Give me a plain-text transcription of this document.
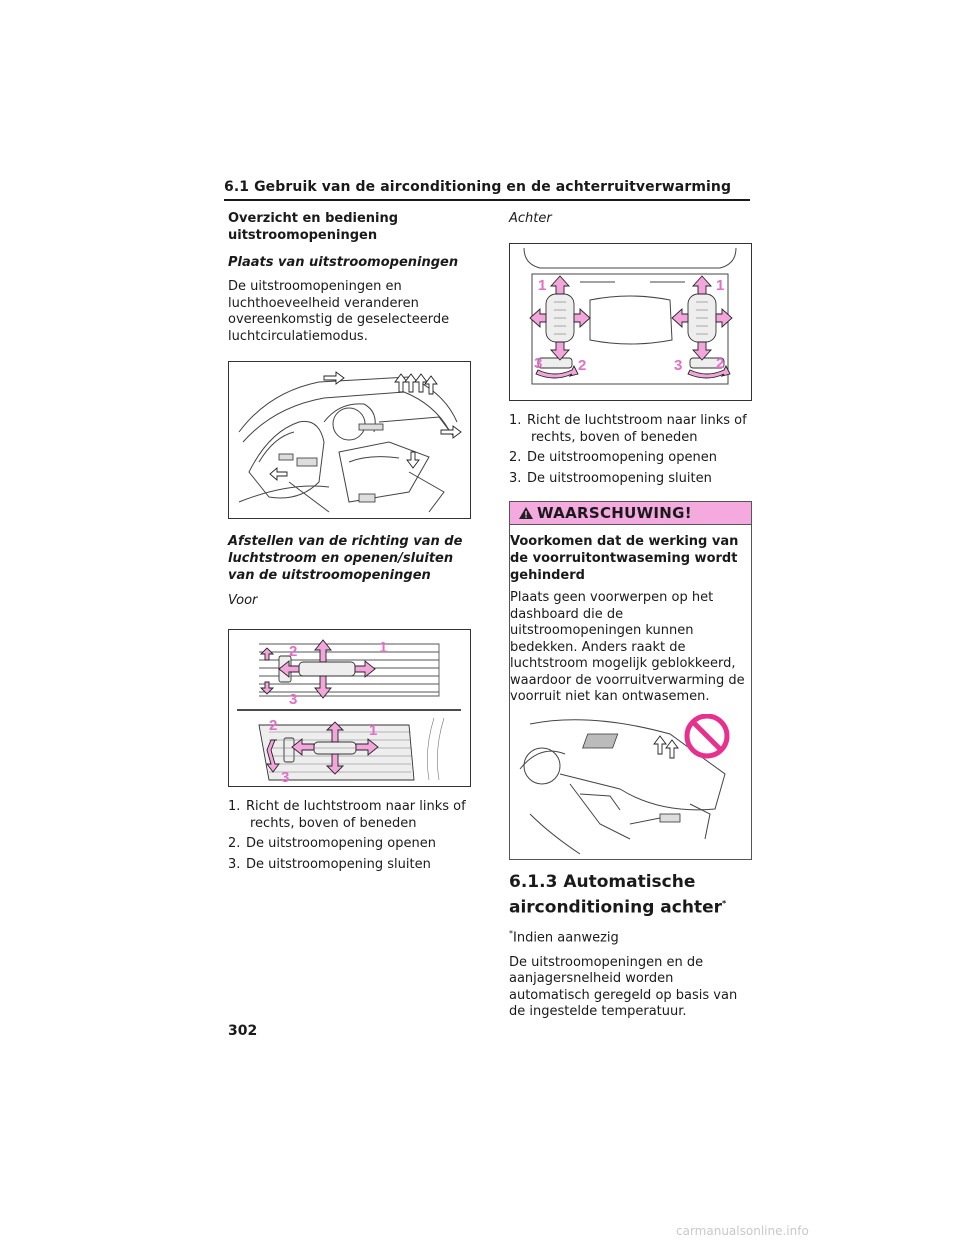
6.1 Gebruik van de airconditioning en de achterruitverwarming
Overzicht en bediening uitstroomopeningen
Plaats van uitstroomopeningen
De uitstroomopeningen en luchthoeveelheid veranderen overeenkomstig de geselecteerde luchtcirculatiemodus.
Afstellen van de richting van de luchtstroom en openen/sluiten van de uitstroomopeningen
Voor
1
2
3
2	1
3
1. Richt de luchtstroom naar links of rechts, boven of beneden
2. De uitstroomopening openen
3. De uitstroomopening sluiten
Achter
1	1
3 2	3 2
1. Richt de luchtstroom naar links of rechts, boven of beneden
2. De uitstroomopening openen
3. De uitstroomopening sluiten
WAARSCHUWING!
Voorkomen dat de werking van de voorruitontwaseming wordt gehinderd
Plaats geen voorwerpen op het dashboard die de uitstroomopeningen kunnen bedekken. Anders raakt de luchtstroom mogelijk geblokkeerd, waardoor de voorruitverwarming de voorruit niet kan ontwasemen.
6.1.3 Automatische airconditioning achter*
*Indien aanwezig
De uitstroomopeningen en de aanjagersnelheid worden automatisch geregeld op basis van de ingestelde temperatuur.
302
carmanualsonline.info
